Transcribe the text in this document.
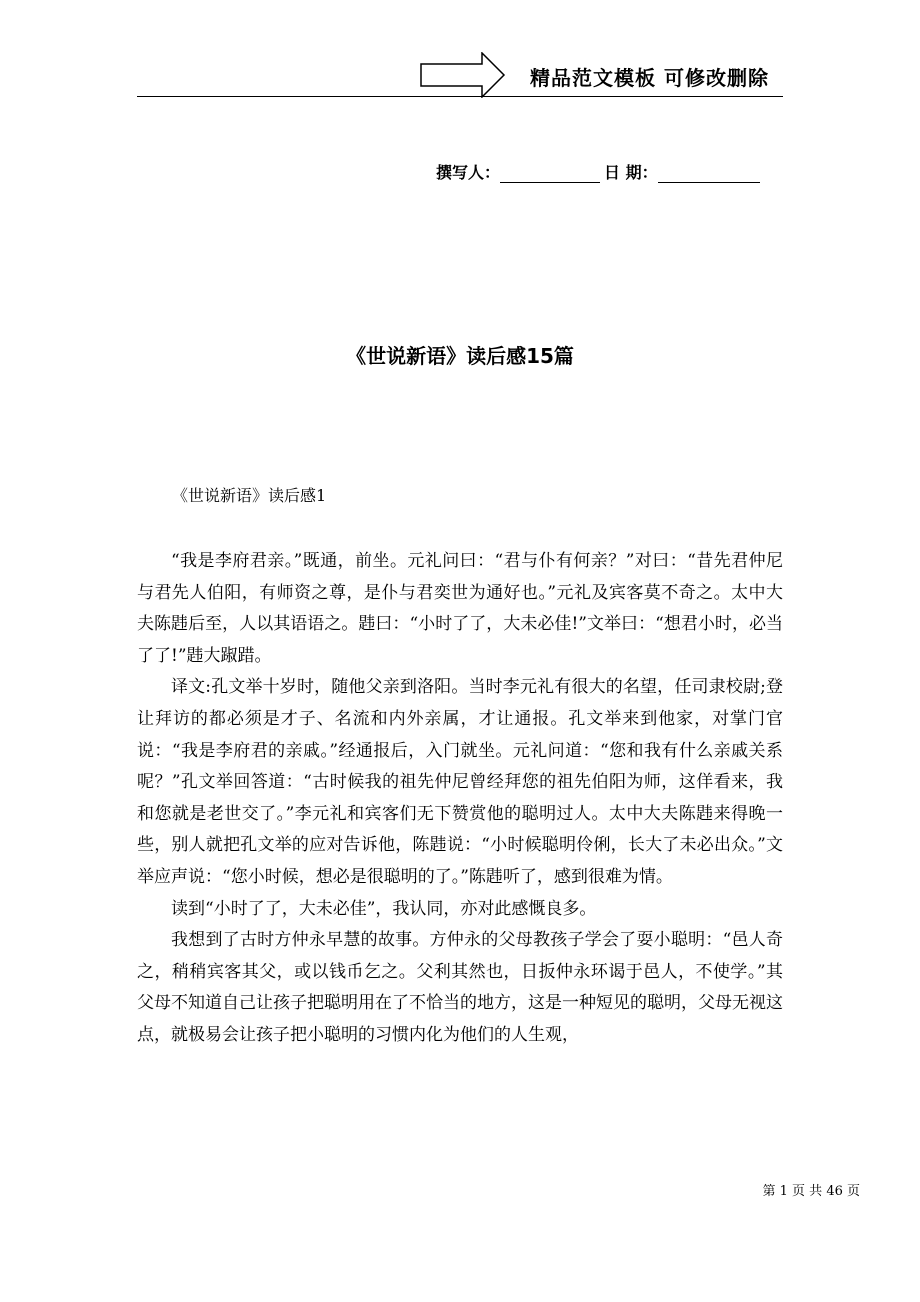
精品范文模板 可修改删除
撰写人：	日 期：
《世说新语》读后感15篇
《世说新语》读后感1

“我是李府君亲。”既通，前坐。元礼问曰：“君与仆有何亲？”对曰：“昔先君仲尼与君先人伯阳，有师资之尊，是仆与君奕世为通好也。”元礼及宾客莫不奇之。太中大夫陈韪后至，人以其语语之。韪曰：“小时了了，大未必佳!”文举曰：“想君小时，必当了了!”韪大踧踖。

译文:孔文举十岁时，随他父亲到洛阳。当时李元礼有很大的名望，任司隶校尉;登让拜访的都必须是才子、名流和内外亲属，才让通报。孔文举来到他家，对掌门官说：“我是李府君的亲戚。”经通报后，入门就坐。元礼问道：“您和我有什么亲戚关系呢？”孔文举回答道：“古时候我的祖先仲尼曾经拜您的祖先伯阳为师，这佯看来，我和您就是老世交了。”李元礼和宾客们无下赞赏他的聪明过人。太中大夫陈韪来得晚一些，别人就把孔文举的应对告诉他，陈韪说：“小时候聪明伶俐，长大了未必出众。”文举应声说：“您小时候，想必是很聪明的了。”陈韪听了，感到很难为情。

读到“小时了了，大未必佳”，我认同，亦对此感慨良多。

我想到了古时方仲永早慧的故事。方仲永的父母教孩子学会了耍小聪明：“邑人奇之，稍稍宾客其父，或以钱币乞之。父利其然也，日扳仲永环谒于邑人，不使学。”其父母不知道自己让孩子把聪明用在了不恰当的地方，这是一种短见的聪明，父母无视这点，就极易会让孩子把小聪明的习惯内化为他们的人生观，

第 1 页 共 46 页
